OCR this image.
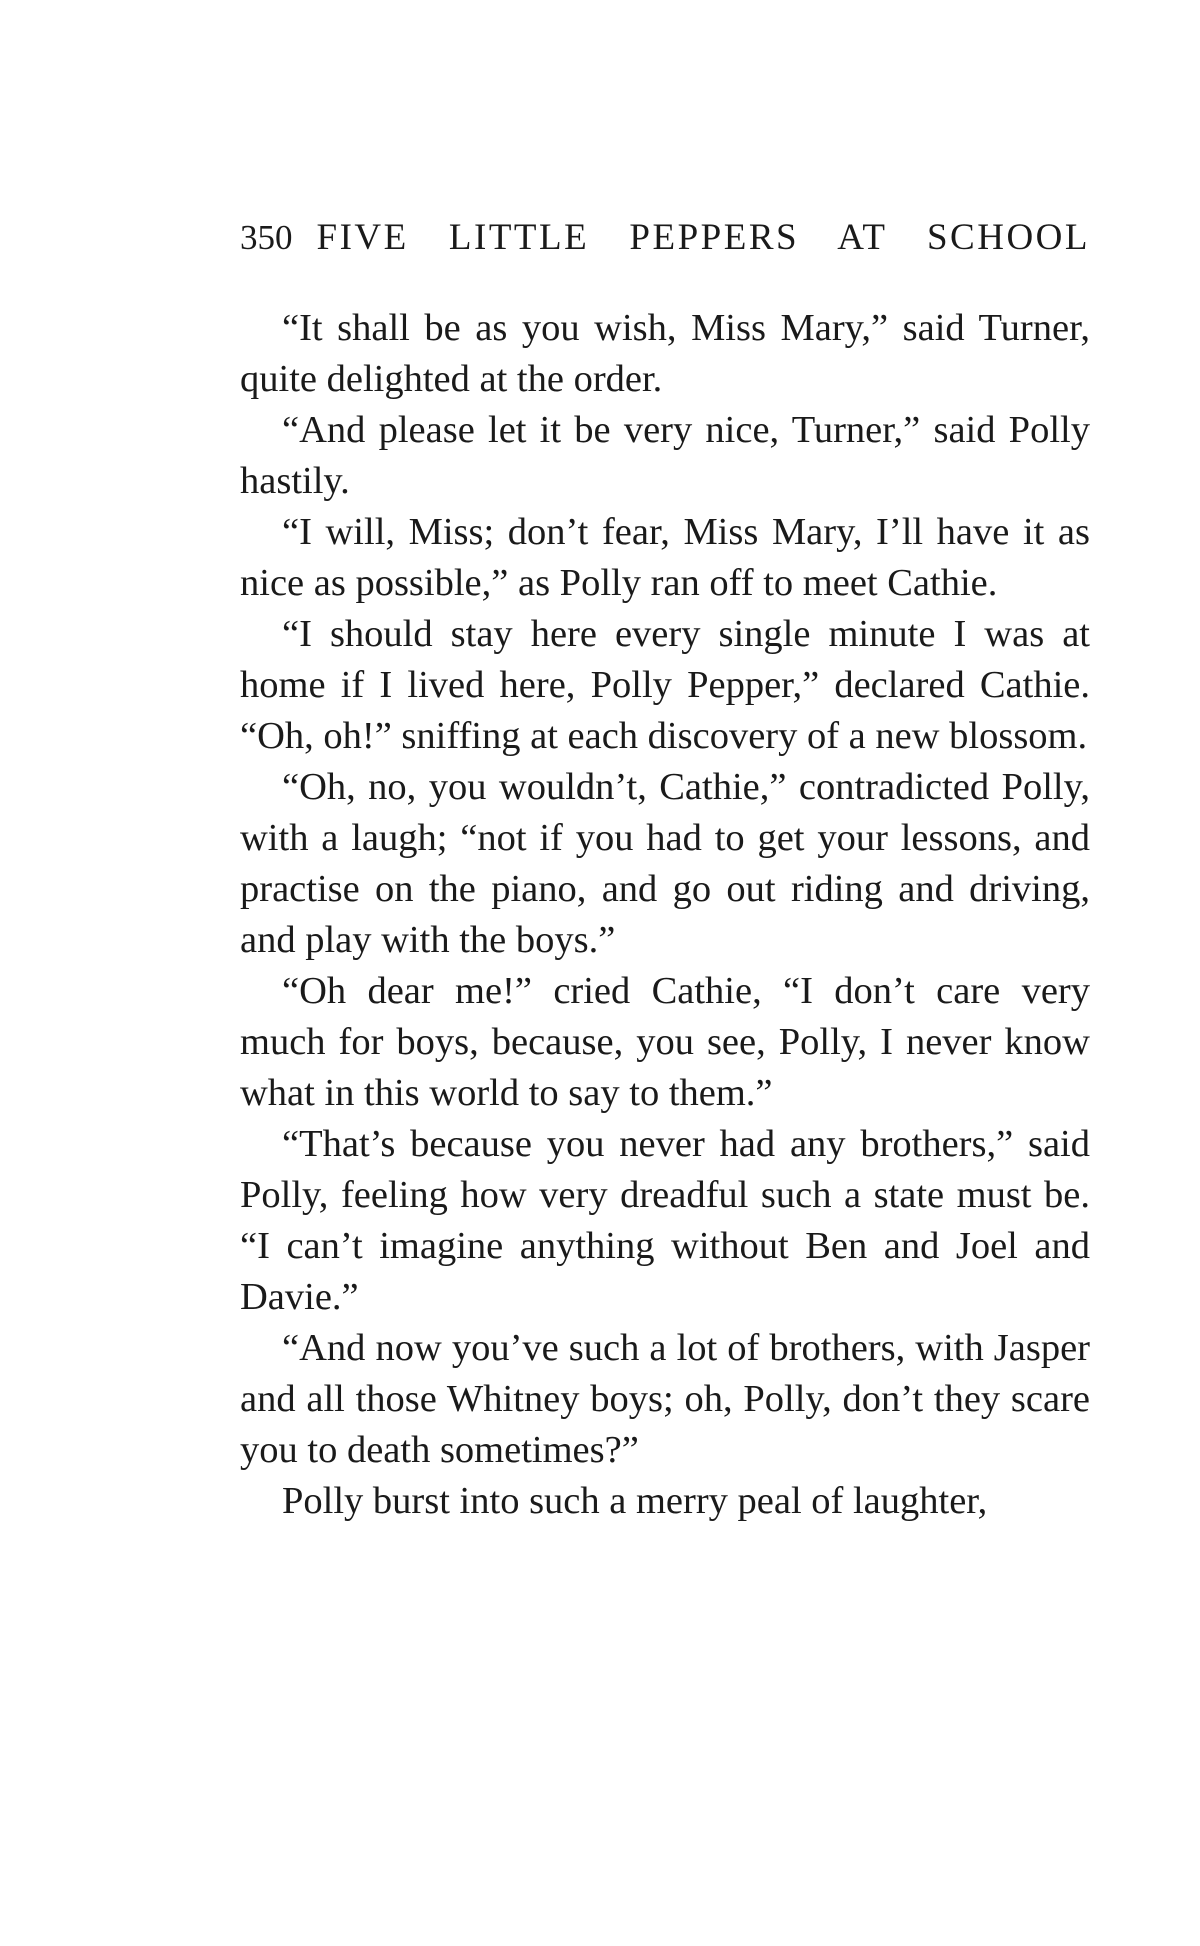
350 FIVE LITTLE PEPPERS AT SCHOOL

“It shall be as you wish, Miss Mary,” said Turner, quite delighted at the order.

“And please let it be very nice, Turner,” said Polly hastily.

“I will, Miss; don’t fear, Miss Mary, I’ll have it as nice as possible,” as Polly ran off to meet Cathie.

“I should stay here every single minute I was at home if I lived here, Polly Pepper,” declared Cathie. “Oh, oh!” sniffing at each discovery of a new blossom.

“Oh, no, you wouldn’t, Cathie,” contradicted Polly, with a laugh; “not if you had to get your lessons, and practise on the piano, and go out riding and driving, and play with the boys.”

“Oh dear me!” cried Cathie, “I don’t care very much for boys, because, you see, Polly, I never know what in this world to say to them.”

“That’s because you never had any brothers,” said Polly, feeling how very dreadful such a state must be. “I can’t imagine anything without Ben and Joel and Davie.”

“And now you’ve such a lot of brothers, with Jasper and all those Whitney boys; oh, Polly, don’t they scare you to death sometimes?”

Polly burst into such a merry peal of laughter,
